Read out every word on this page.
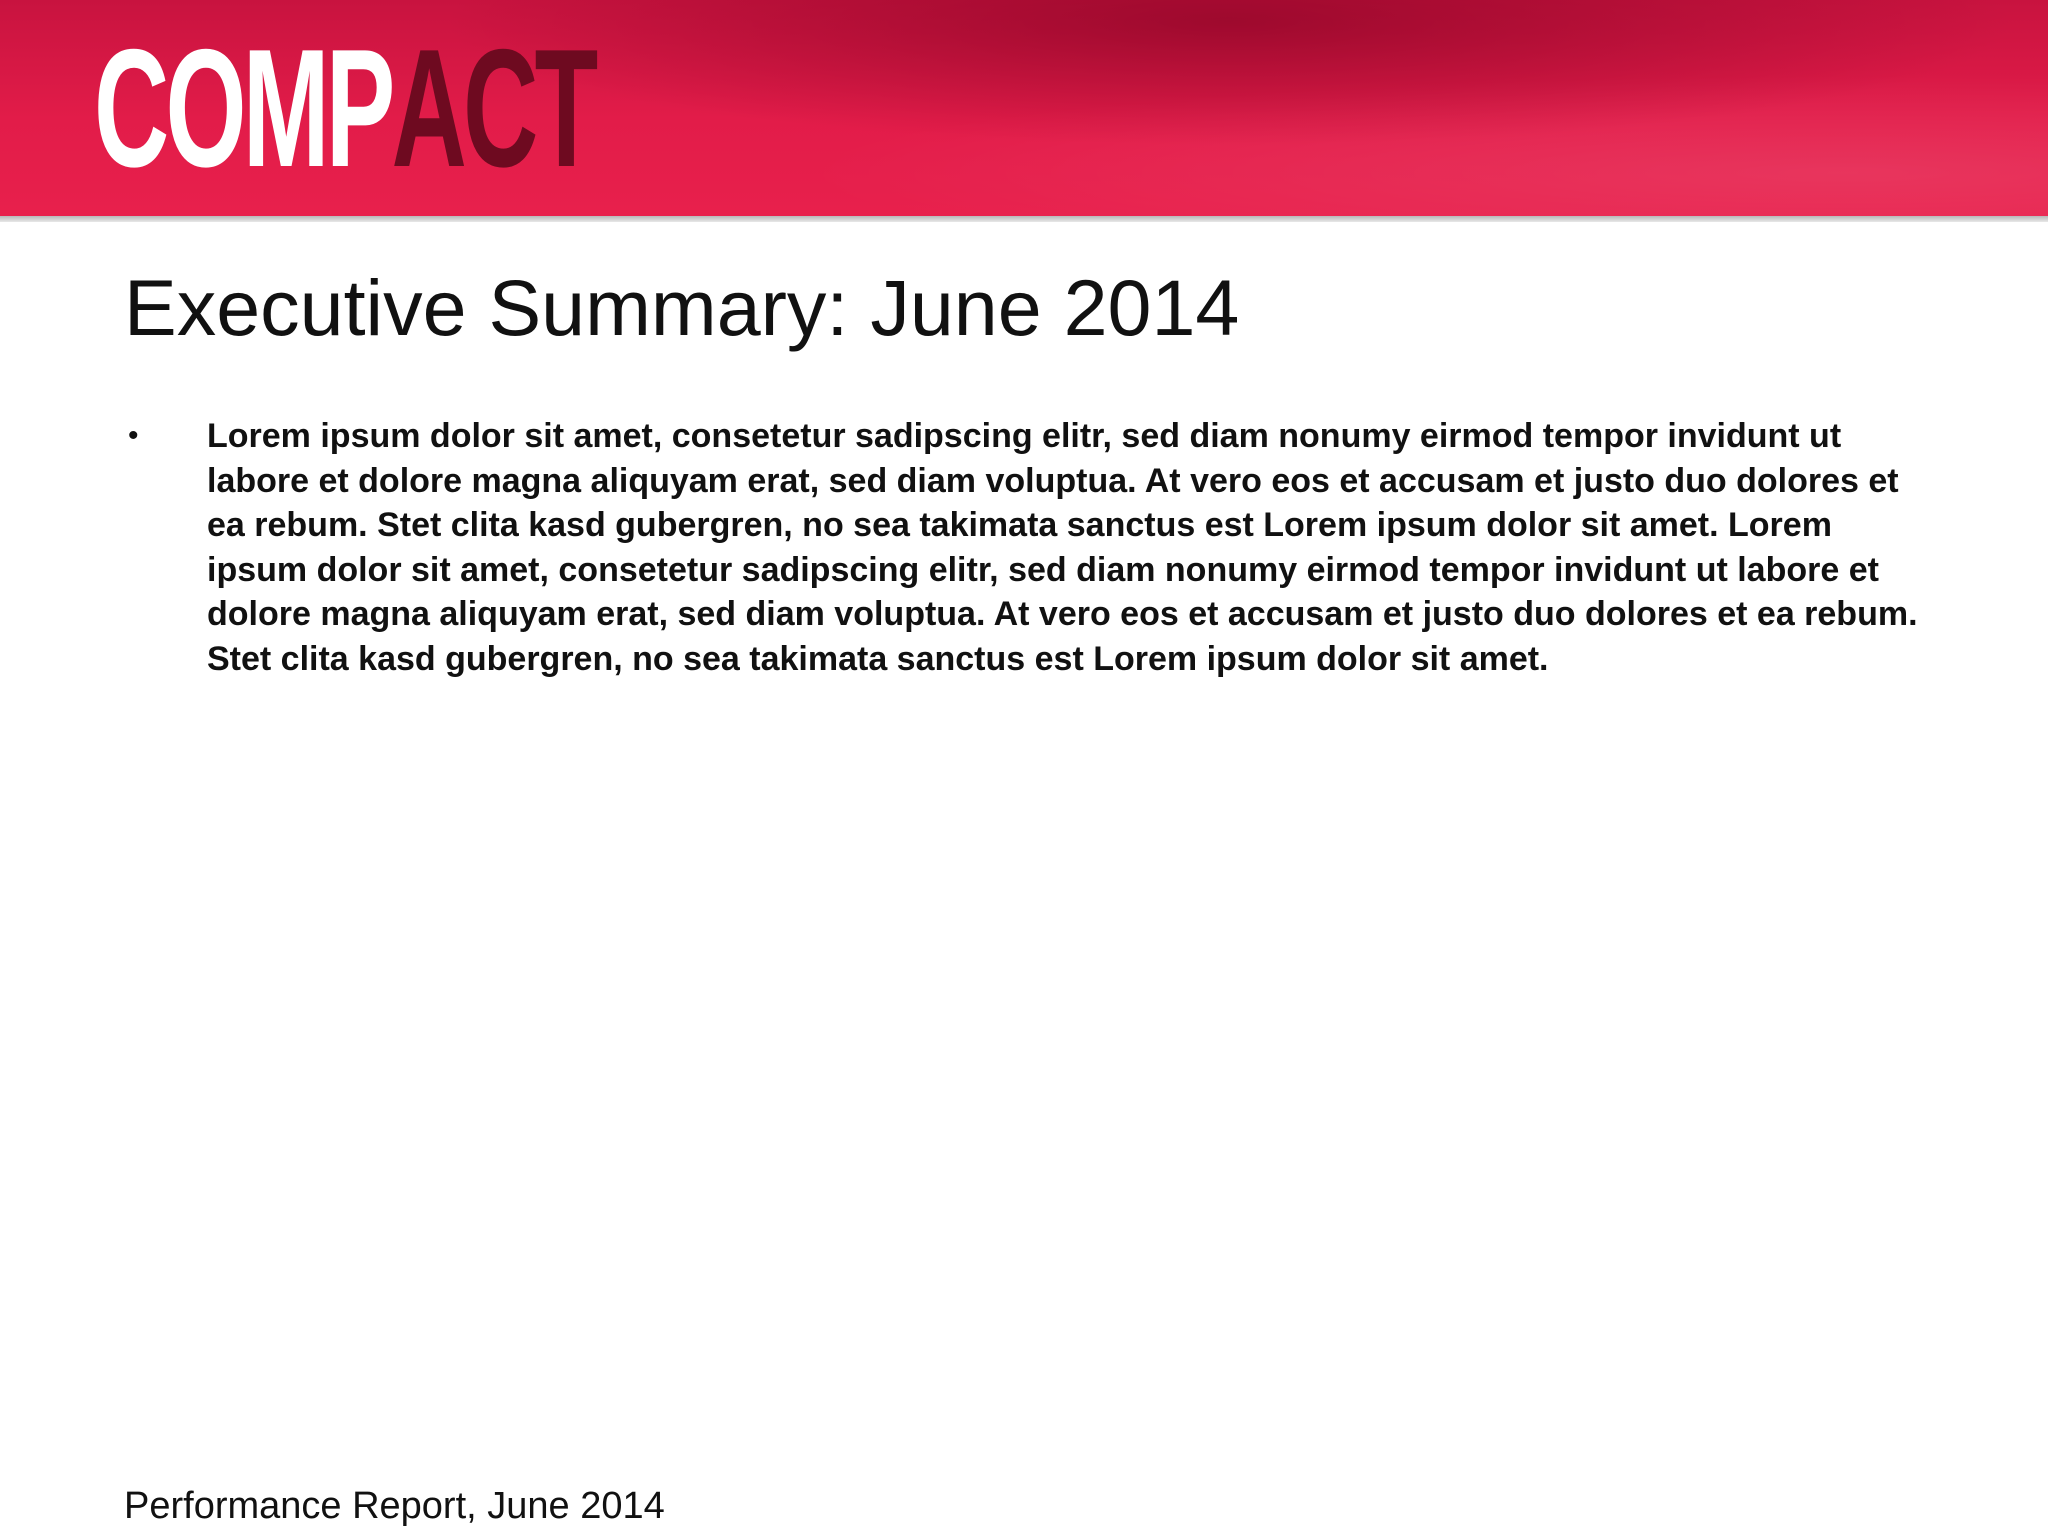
COMP ACT
Executive Summary: June 2014
• Lorem ipsum dolor sit amet, consetetur sadipscing elitr, sed diam nonumy eirmod tempor invidunt ut labore et dolore magna aliquyam erat, sed diam voluptua. At vero eos et accusam et justo duo dolores et ea rebum. Stet clita kasd gubergren, no sea takimata sanctus est Lorem ipsum dolor sit amet. Lorem ipsum dolor sit amet, consetetur sadipscing elitr, sed diam nonumy eirmod tempor invidunt ut labore et dolore magna aliquyam erat, sed diam voluptua. At vero eos et accusam et justo duo dolores et ea rebum. Stet clita kasd gubergren, no sea takimata sanctus est Lorem ipsum dolor sit amet.

Performance Report, June 2014
